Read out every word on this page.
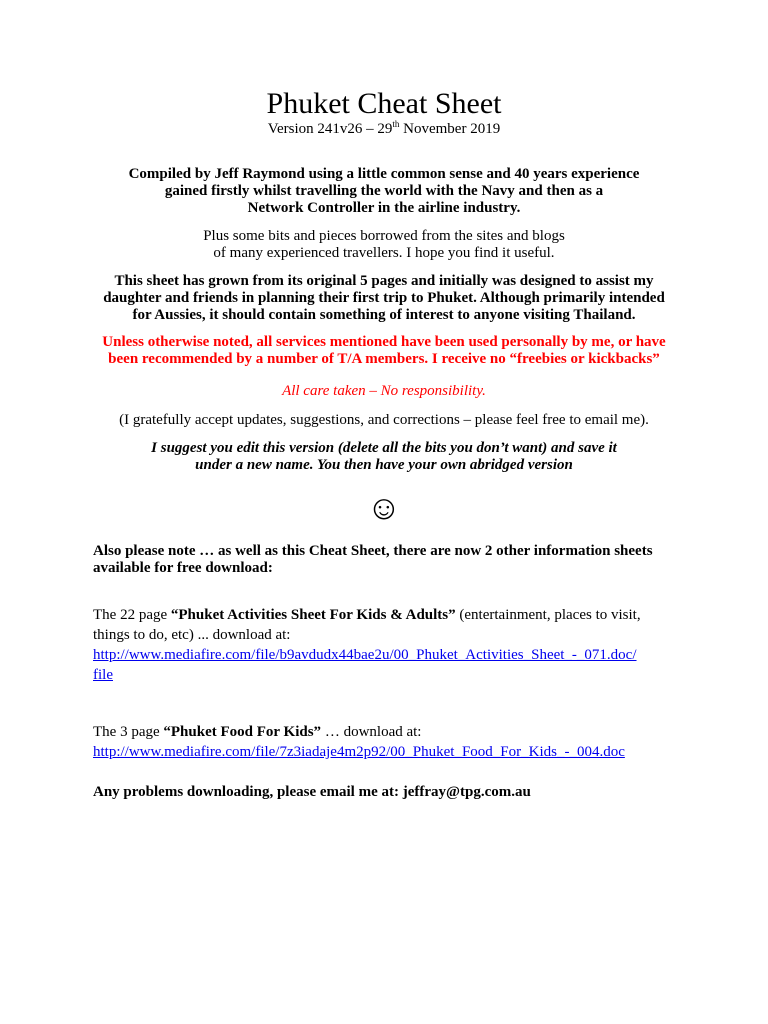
Phuket Cheat Sheet
Version 241v26 – 29th November 2019
Compiled by Jeff Raymond using a little common sense and 40 years experience
gained firstly whilst travelling the world with the Navy and then as a
Network Controller in the airline industry.
Plus some bits and pieces borrowed from the sites and blogs
of many experienced travellers. I hope you find it useful.
This sheet has grown from its original 5 pages and initially was designed to assist my
daughter and friends in planning their first trip to Phuket. Although primarily intended
for Aussies, it should contain something of interest to anyone visiting Thailand.
Unless otherwise noted, all services mentioned have been used personally by me, or have
been recommended by a number of T/A members. I receive no “freebies or kickbacks”
All care taken – No responsibility.
(I gratefully accept updates, suggestions, and corrections – please feel free to email me).
I suggest you edit this version (delete all the bits you don’t want) and save it
under a new name. You then have your own abridged version
☺
Also please note … as well as this Cheat Sheet, there are now 2 other information sheets
available for free download:
The 22 page “Phuket Activities Sheet For Kids & Adults” (entertainment, places to visit,
things to do, etc) ... download at:
http://www.mediafire.com/file/b9avdudx44bae2u/00_Phuket_Activities_Sheet_-_071.doc/
file
The 3 page “Phuket Food For Kids” … download at:
http://www.mediafire.com/file/7z3iadaje4m2p92/00_Phuket_Food_For_Kids_-_004.doc
Any problems downloading, please email me at: jeffray@tpg.com.au
